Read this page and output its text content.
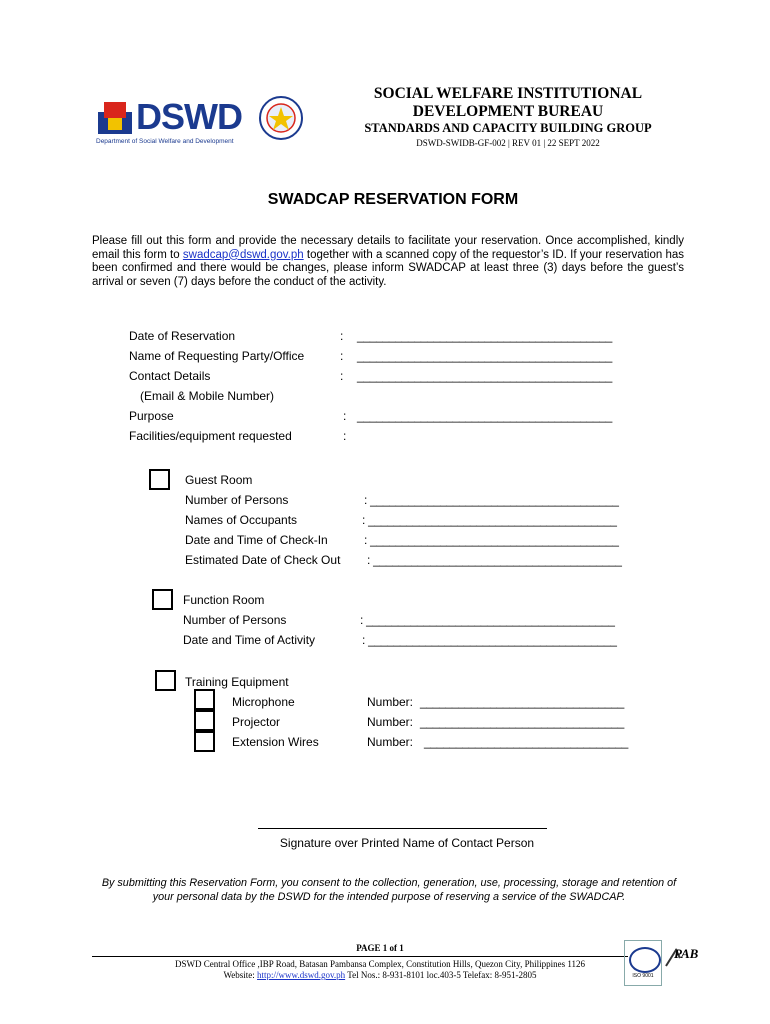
DSWD
Department of Social Welfare and Development
SOCIAL WELFARE INSTITUTIONAL
DEVELOPMENT BUREAU
STANDARDS AND CAPACITY BUILDING GROUP
DSWD-SWIDB-GF-002 | REV 01 | 22 SEPT 2022
SWADCAP RESERVATION FORM
Please fill out this form and provide the necessary details to facilitate your reservation. Once accomplished, kindly email this form to swadcap@dswd.gov.ph together with a scanned copy of the requestor’s ID. If your reservation has been confirmed and there would be changes, please inform SWADCAP at least three (3) days before the guest’s arrival or seven (7) days before the conduct of the activity.
Date of Reservation	: ________________________________________
Name of Requesting Party/Office	: ________________________________________
Contact Details	: ________________________________________
(Email & Mobile Number)
Purpose	: ________________________________________
Facilities/equipment requested	:
Guest Room
Number of Persons	: _______________________________________
Names of Occupants	: _______________________________________
Date and Time of Check-In	: _______________________________________
Estimated Date of Check Out : _______________________________________
Function Room
Number of Persons	: _______________________________________
Date and Time of Activity	: _______________________________________
Training Equipment
Microphone	Number: ________________________________
Projector	Number: ________________________________
Extension Wires	Number: ________________________________
Signature over Printed Name of Contact Person
By submitting this Reservation Form, you consent to the collection, generation, use, processing, storage and retention of your personal data by the DSWD for the intended purpose of reserving a service of the SWADCAP.
PAGE 1 of 1
DSWD Central Office ,IBP Road, Batasan Pambansa Complex, Constitution Hills, Quezon City, Philippines 1126
Website: http://www.dswd.gov.ph Tel Nos.: 8-931-8101 loc.403-5 Telefax: 8-951-2805	ISO 9001
PAB
